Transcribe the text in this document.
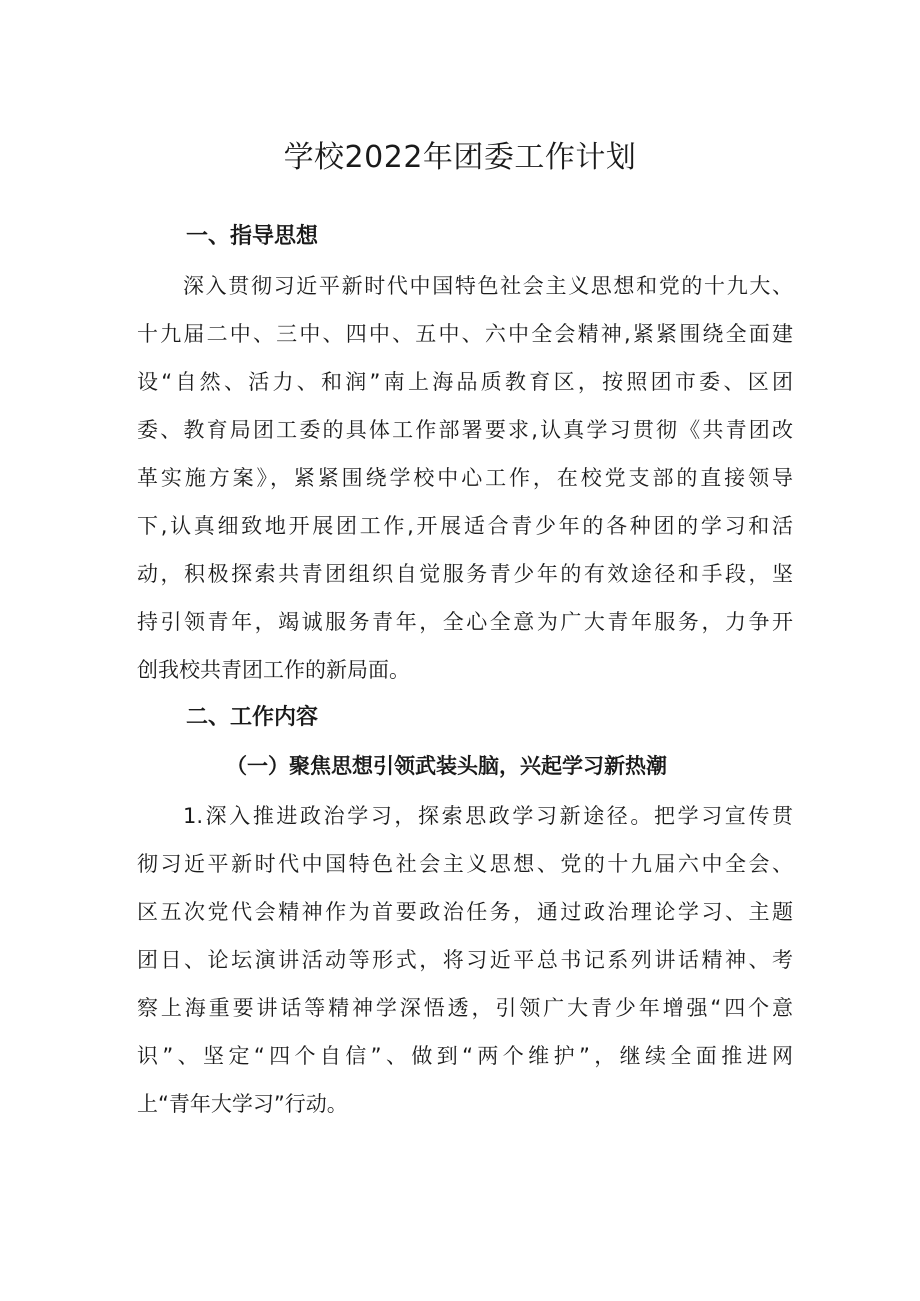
学校2022年团委工作计划
一、指导思想
深入贯彻习近平新时代中国特色社会主义思想和党的十九大、
十九届二中、三中、四中、五中、六中全会精神,紧紧围绕全面建
设“自然、活力、和润”南上海品质教育区，按照团市委、区团
委、教育局团工委的具体工作部署要求,认真学习贯彻《共青团改
革实施方案》，紧紧围绕学校中心工作，在校党支部的直接领导
下,认真细致地开展团工作,开展适合青少年的各种团的学习和活
动，积极探索共青团组织自觉服务青少年的有效途径和手段，坚
持引领青年，竭诚服务青年，全心全意为广大青年服务，力争开
创我校共青团工作的新局面。
二、工作内容
（一）聚焦思想引领武装头脑，兴起学习新热潮
1.深入推进政治学习，探索思政学习新途径。把学习宣传贯
彻习近平新时代中国特色社会主义思想、党的十九届六中全会、
区五次党代会精神作为首要政治任务，通过政治理论学习、主题
团日、论坛演讲活动等形式，将习近平总书记系列讲话精神、考
察上海重要讲话等精神学深悟透，引领广大青少年增强“四个意
识”、坚定“四个自信”、做到“两个维护”，继续全面推进网
上“青年大学习”行动。
